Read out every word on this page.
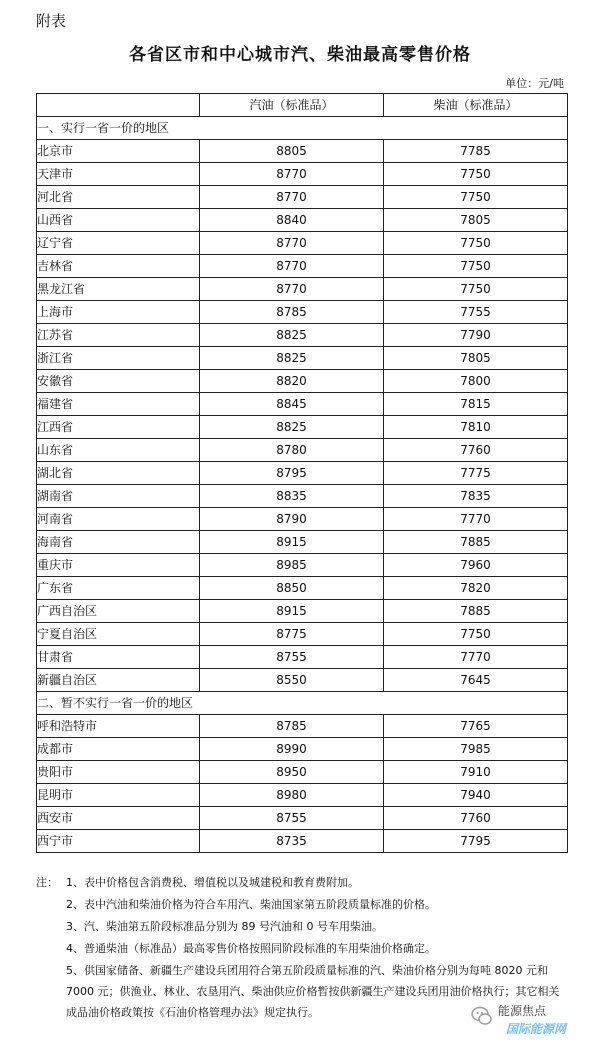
附表
各省区市和中心城市汽、柴油最高零售价格
单位：元/吨
	汽油（标准品）	柴油（标准品）
一、实行一省一价的地区		
北京市	8805	7785
天津市	8770	7750
河北省	8770	7750
山西省	8840	7805
辽宁省	8770	7750
吉林省	8770	7750
黑龙江省	8770	7750
上海市	8785	7755
江苏省	8825	7790
浙江省	8825	7805
安徽省	8820	7800
福建省	8845	7815
江西省	8825	7810
山东省	8780	7760
湖北省	8795	7775
湖南省	8835	7835
河南省	8790	7770
海南省	8915	7885
重庆市	8985	7960
广东省	8850	7820
广西自治区	8915	7885
宁夏自治区	8775	7750
甘肃省	8755	7770
新疆自治区	8550	7645
二、暂不实行一省一价的地区		
呼和浩特市	8785	7765
成都市	8990	7985
贵阳市	8950	7910
昆明市	8980	7940
西安市	8755	7760
西宁市	8735	7795
注： 1、表中价格包含消费税、增值税以及城建税和教育费附加。
2、表中汽油和柴油价格为符合车用汽、柴油国家第五阶段质量标准的价格。
3、汽、柴油第五阶段标准品分别为 89 号汽油和 0 号车用柴油。
4、普通柴油（标准品）最高零售价格按照同阶段标准的车用柴油价格确定。
5、供国家储备、新疆生产建设兵团用符合第五阶段质量标准的汽、柴油价格分别为每吨 8020 元和 7000 元；供渔业、林业、农垦用汽、柴油供应价格暂按供新疆生产建设兵团用油价格执行；其它相关成品油价格政策按《石油价格管理办法》规定执行。	能源焦点
国际能源网
